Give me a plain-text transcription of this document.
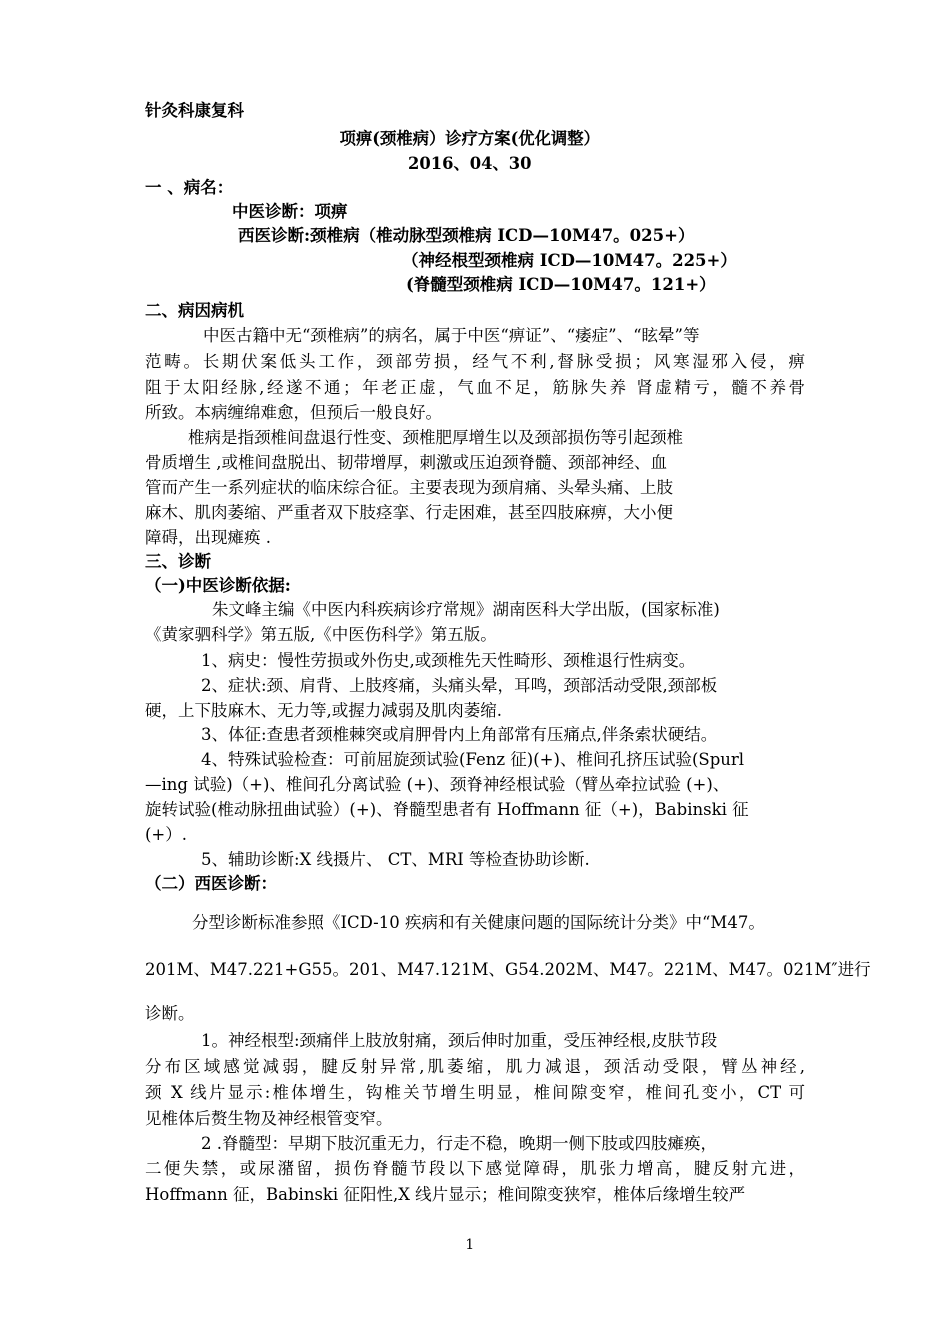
针灸科康复科
项痹(颈椎病）诊疗方案(优化调整）
2016、04、30
一 、病名：
中医诊断：项痹
西医诊断:颈椎病（椎动脉型颈椎病 ICD—10M47。025+）
（神经根型颈椎病 ICD—10M47。225+）
(脊髓型颈椎病 ICD—10M47。121+）
二、病因病机
中医古籍中无“颈椎病”的病名，属于中医“痹证”、“痿症”、“眩晕”等
范畴。长期伏案低头工作，颈部劳损，经气不利,督脉受损；风寒湿邪入侵，痹
阻于太阳经脉,经遂不通；年老正虚，气血不足，筋脉失养 肾虚精亏，髓不养骨
所致。本病缠绵难愈，但预后一般良好。
椎病是指颈椎间盘退行性变、颈椎肥厚增生以及颈部损伤等引起颈椎
骨质增生 ,或椎间盘脱出、韧带增厚，刺激或压迫颈脊髓、颈部神经、血
管而产生一系列症状的临床综合征。主要表现为颈肩痛、头晕头痛、上肢
麻木、肌肉萎缩、严重者双下肢痉挛、行走困难，甚至四肢麻痹，大小便
障碍，出现瘫痪 .
三、诊断
（一)中医诊断依据:
朱文峰主编《中医内科疾病诊疗常规》湖南医科大学出版，(国家标准)
《黄家驷科学》第五版,《中医伤科学》第五版。
1、病史：慢性劳损或外伤史,或颈椎先天性畸形、颈椎退行性病变。
2、症状:颈、肩背、上肢疼痛，头痛头晕，耳鸣，颈部活动受限,颈部板
硬，上下肢麻木、无力等,或握力减弱及肌肉萎缩.
3、体征:查患者颈椎棘突或肩胛骨内上角部常有压痛点,伴条索状硬结。
4、特殊试验检查：可前屈旋颈试验(Fenz 征)(+)、椎间孔挤压试验(Spurl
—ing 试验)（+)、椎间孔分离试验 (+)、颈脊神经根试验（臂丛牵拉试验 (+)、
旋转试验(椎动脉扭曲试验）(+)、脊髓型患者有 Hoffmann 征（+)，Babinski 征
(+）.
5、辅助诊断:X 线摄片、 CT、MRI 等检查协助诊断.
（二）西医诊断：
分型诊断标准参照《ICD-10 疾病和有关健康问题的国际统计分类》中“M47。
201M、M47.221+G55。201、M47.121M、G54.202M、M47。221M、M47。021M″进行
诊断。
1。神经根型:颈痛伴上肢放射痛，颈后伸时加重，受压神经根,皮肤节段
分布区域感觉减弱，腱反射异常,肌萎缩，肌力减退，颈活动受限，臂丛神经,
颈 X 线片显示:椎体增生，钩椎关节增生明显，椎间隙变窄，椎间孔变小，CT 可
见椎体后赘生物及神经根管变窄。
2 .脊髓型：早期下肢沉重无力，行走不稳，晚期一侧下肢或四肢瘫痪，
二便失禁，或尿潴留，损伤脊髓节段以下感觉障碍，肌张力增高，腱反射亢进，
Hoffmann 征，Babinski 征阳性,X 线片显示；椎间隙变狭窄，椎体后缘增生较严
1
